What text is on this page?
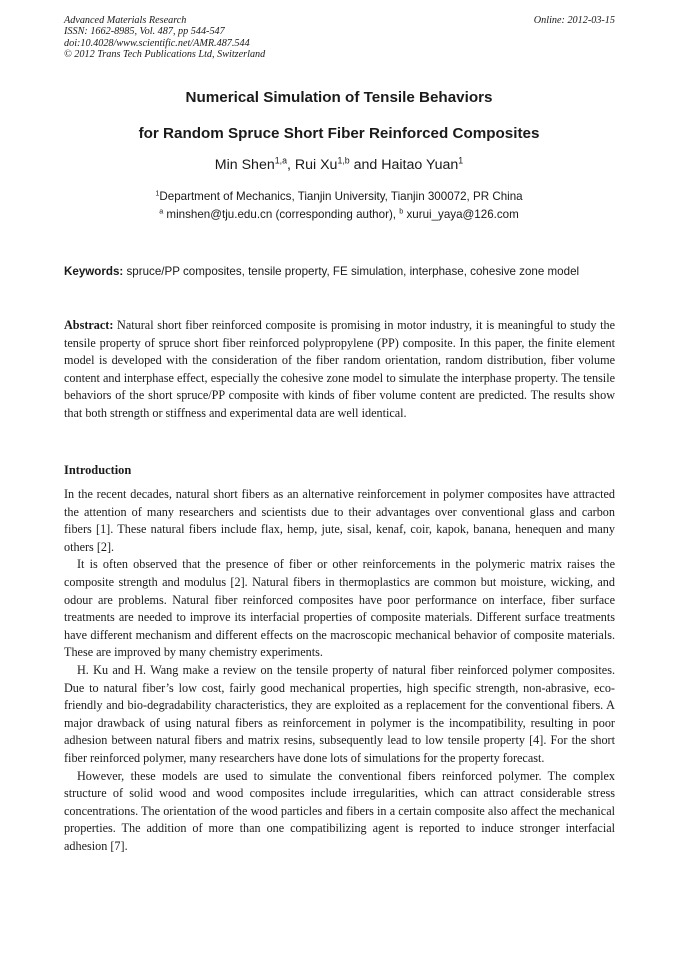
Advanced Materials Research
ISSN: 1662-8985, Vol. 487, pp 544-547
doi:10.4028/www.scientific.net/AMR.487.544
© 2012 Trans Tech Publications Ltd, Switzerland
Online: 2012-03-15
Numerical Simulation of Tensile Behaviors
for Random Spruce Short Fiber Reinforced Composites
Min Shen$^{1,a}$, Rui Xu$^{1,b}$ and Haitao Yuan$^1$
$^1$Department of Mechanics, Tianjin University, Tianjin 300072, PR China
$^a$ minshen@tju.edu.cn (corresponding author), $^b$ xurui_yaya@126.com
Keywords: spruce/PP composites, tensile property, FE simulation, interphase, cohesive zone model
Abstract: Natural short fiber reinforced composite is promising in motor industry, it is meaningful to study the tensile property of spruce short fiber reinforced polypropylene (PP) composite. In this paper, the finite element model is developed with the consideration of the fiber random orientation, random distribution, fiber volume content and interphase effect, especially the cohesive zone model to simulate the interphase property. The tensile behaviors of the short spruce/PP composite with kinds of fiber volume content are predicted. The results show that both strength or stiffness and experimental data are well identical.
Introduction

In the recent decades, natural short fibers as an alternative reinforcement in polymer composites have attracted the attention of many researchers and scientists due to their advantages over conventional glass and carbon fibers [1]. These natural fibers include flax, hemp, jute, sisal, kenaf, coir, kapok, banana, henequen and many others [2].

It is often observed that the presence of fiber or other reinforcements in the polymeric matrix raises the composite strength and modulus [2]. Natural fibers in thermoplastics are common but moisture, wicking, and odour are problems. Natural fiber reinforced composites have poor performance on interface, fiber surface treatments are needed to improve its interfacial properties of composite materials. Different surface treatments have different mechanism and different effects on the macroscopic mechanical behavior of composite materials. These are improved by many chemistry experiments.

H. Ku and H. Wang make a review on the tensile property of natural fiber reinforced polymer composites. Due to natural fiber’s low cost, fairly good mechanical properties, high specific strength, non-abrasive, eco-friendly and bio-degradability characteristics, they are exploited as a replacement for the conventional fibers. A major drawback of using natural fibers as reinforcement in polymer is the incompatibility, resulting in poor adhesion between natural fibers and matrix resins, subsequently lead to low tensile property [4]. For the short fiber reinforced polymer, many researchers have done lots of simulations for the property forecast.

However, these models are used to simulate the conventional fibers reinforced polymer. The complex structure of solid wood and wood composites include irregularities, which can attract considerable stress concentrations. The orientation of the wood particles and fibers in a certain composite also affect the mechanical properties. The addition of more than one compatibilizing agent is reported to induce stronger interfacial adhesion [7].
